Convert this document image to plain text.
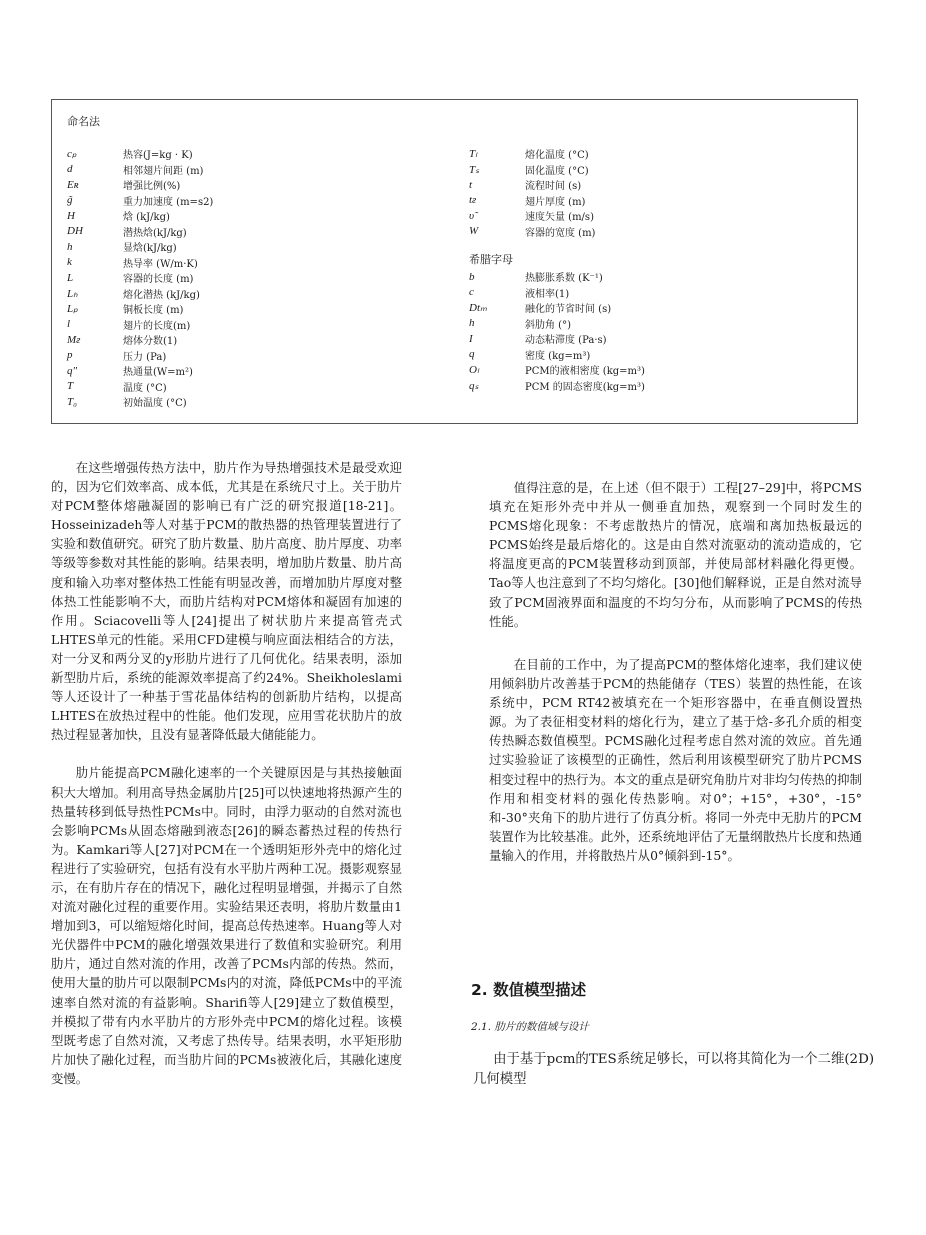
命名法
cₚ	热容(J=kg · K)
d	相邻翅片间距 (m)
Eʀ	增强比例(%)
g̃	重力加速度 (m=s2)
H	焓 (kJ/kg)
DH	潜热焓(kJ/kg)
h	显焓(kJ/kg)
k	热导率 (W/m·K)
L	容器的长度 (m)
Lₕ	熔化潜热 (kJ/kg)
Lₚ	铜板长度 (m)
l	翅片的长度(m)
Mғ	熔体分数(1)
p	压力 (Pa)
q″	热通量(W=m²)
T	温度 (°C)
T₀	初始温度 (°C)
Tₗ	熔化温度 (°C)
Tₛ	固化温度 (°C)
t	流程时间 (s)
tғ	翅片厚度 (m)
υ̃	速度矢量 (m/s)
W	容器的宽度 (m)
希腊字母
b	热膨胀系数 (K⁻¹)
c	液相率(1)
Dtₘ	融化的节省时间 (s)
h	斜肋角 (°)
I	动态粘滞度 (Pa·s)
q	密度 (kg=m³)
Oₗ	PCM的液相密度 (kg=m³)
qₛ	PCM 的固态密度(kg=m³)

在这些增强传热方法中，肋片作为导热增强技术是最受欢迎的，因为它们效率高、成本低，尤其是在系统尺寸上。关于肋片对PCM整体熔融凝固的影响已有广泛的研究报道[18-21]。Hosseinizadeh等人对基于PCM的散热器的热管理装置进行了实验和数值研究。研究了肋片数量、肋片高度、肋片厚度、功率等级等参数对其性能的影响。结果表明，增加肋片数量、肋片高度和输入功率对整体热工性能有明显改善，而增加肋片厚度对整体热工性能影响不大，而肋片结构对PCM熔体和凝固有加速的作用。Sciacovelli等人[24]提出了树状肋片来提高管壳式LHTES单元的性能。采用CFD建模与响应面法相结合的方法，对一分叉和两分叉的y形肋片进行了几何优化。结果表明，添加新型肋片后，系统的能源效率提高了约24%。Sheikholeslami等人还设计了一种基于雪花晶体结构的创新肋片结构，以提高LHTES在放热过程中的性能。他们发现，应用雪花状肋片的放热过程显著加快，且没有显著降低最大储能能力。

肋片能提高PCM融化速率的一个关键原因是与其热接触面积大大增加。利用高导热金属肋片[25]可以快速地将热源产生的热量转移到低导热性PCMs中。同时，由浮力驱动的自然对流也会影响PCMs从固态熔融到液态[26]的瞬态蓄热过程的传热行为。Kamkari等人[27]对PCM在一个透明矩形外壳中的熔化过程进行了实验研究，包括有没有水平肋片两种工况。摄影观察显示，在有肋片存在的情况下，融化过程明显增强，并揭示了自然对流对融化过程的重要作用。实验结果还表明，将肋片数量由1增加到3，可以缩短熔化时间，提高总传热速率。Huang等人对光伏器件中PCM的融化增强效果进行了数值和实验研究。利用肋片，通过自然对流的作用，改善了PCMs内部的传热。然而，使用大量的肋片可以限制PCMs内的对流，降低PCMs中的平流速率自然对流的有益影响。Sharifi等人[29]建立了数值模型，并模拟了带有内水平肋片的方形外壳中PCM的熔化过程。该模型既考虑了自然对流，又考虑了热传导。结果表明，水平矩形肋片加快了融化过程，而当肋片间的PCMs被液化后，其融化速度变慢。

值得注意的是，在上述（但不限于）工程[27–29]中，将PCMS填充在矩形外壳中并从一侧垂直加热，观察到一个同时发生的PCMS熔化现象：不考虑散热片的情况，底端和离加热板最远的PCMS始终是最后熔化的。这是由自然对流驱动的流动造成的，它将温度更高的PCM装置移动到顶部，并使局部材料融化得更慢。Tao等人也注意到了不均匀熔化。[30]他们解释说，正是自然对流导致了PCM固液界面和温度的不均匀分布，从而影响了PCMS的传热性能。

在目前的工作中，为了提高PCM的整体熔化速率，我们建议使用倾斜肋片改善基于PCM的热能储存（TES）装置的热性能，在该系统中，PCM RT42被填充在一个矩形容器中，在垂直侧设置热源。为了表征相变材料的熔化行为，建立了基于焓-多孔介质的相变传热瞬态数值模型。PCMS融化过程考虑自然对流的效应。首先通过实验验证了该模型的正确性，然后利用该模型研究了肋片PCMS相变过程中的热行为。本文的重点是研究角肋片对非均匀传热的抑制作用和相变材料的强化传热影响。对0°；+15°，+30°，-15°和-30°夹角下的肋片进行了仿真分析。将同一外壳中无肋片的PCM装置作为比较基准。此外，还系统地评估了无量纲散热片长度和热通量输入的作用，并将散热片从0°倾斜到-15°。

2. 数值模型描述
2.1. 肋片的数值域与设计

由于基于pcm的TES系统足够长，可以将其简化为一个二维(2D)几何模型
